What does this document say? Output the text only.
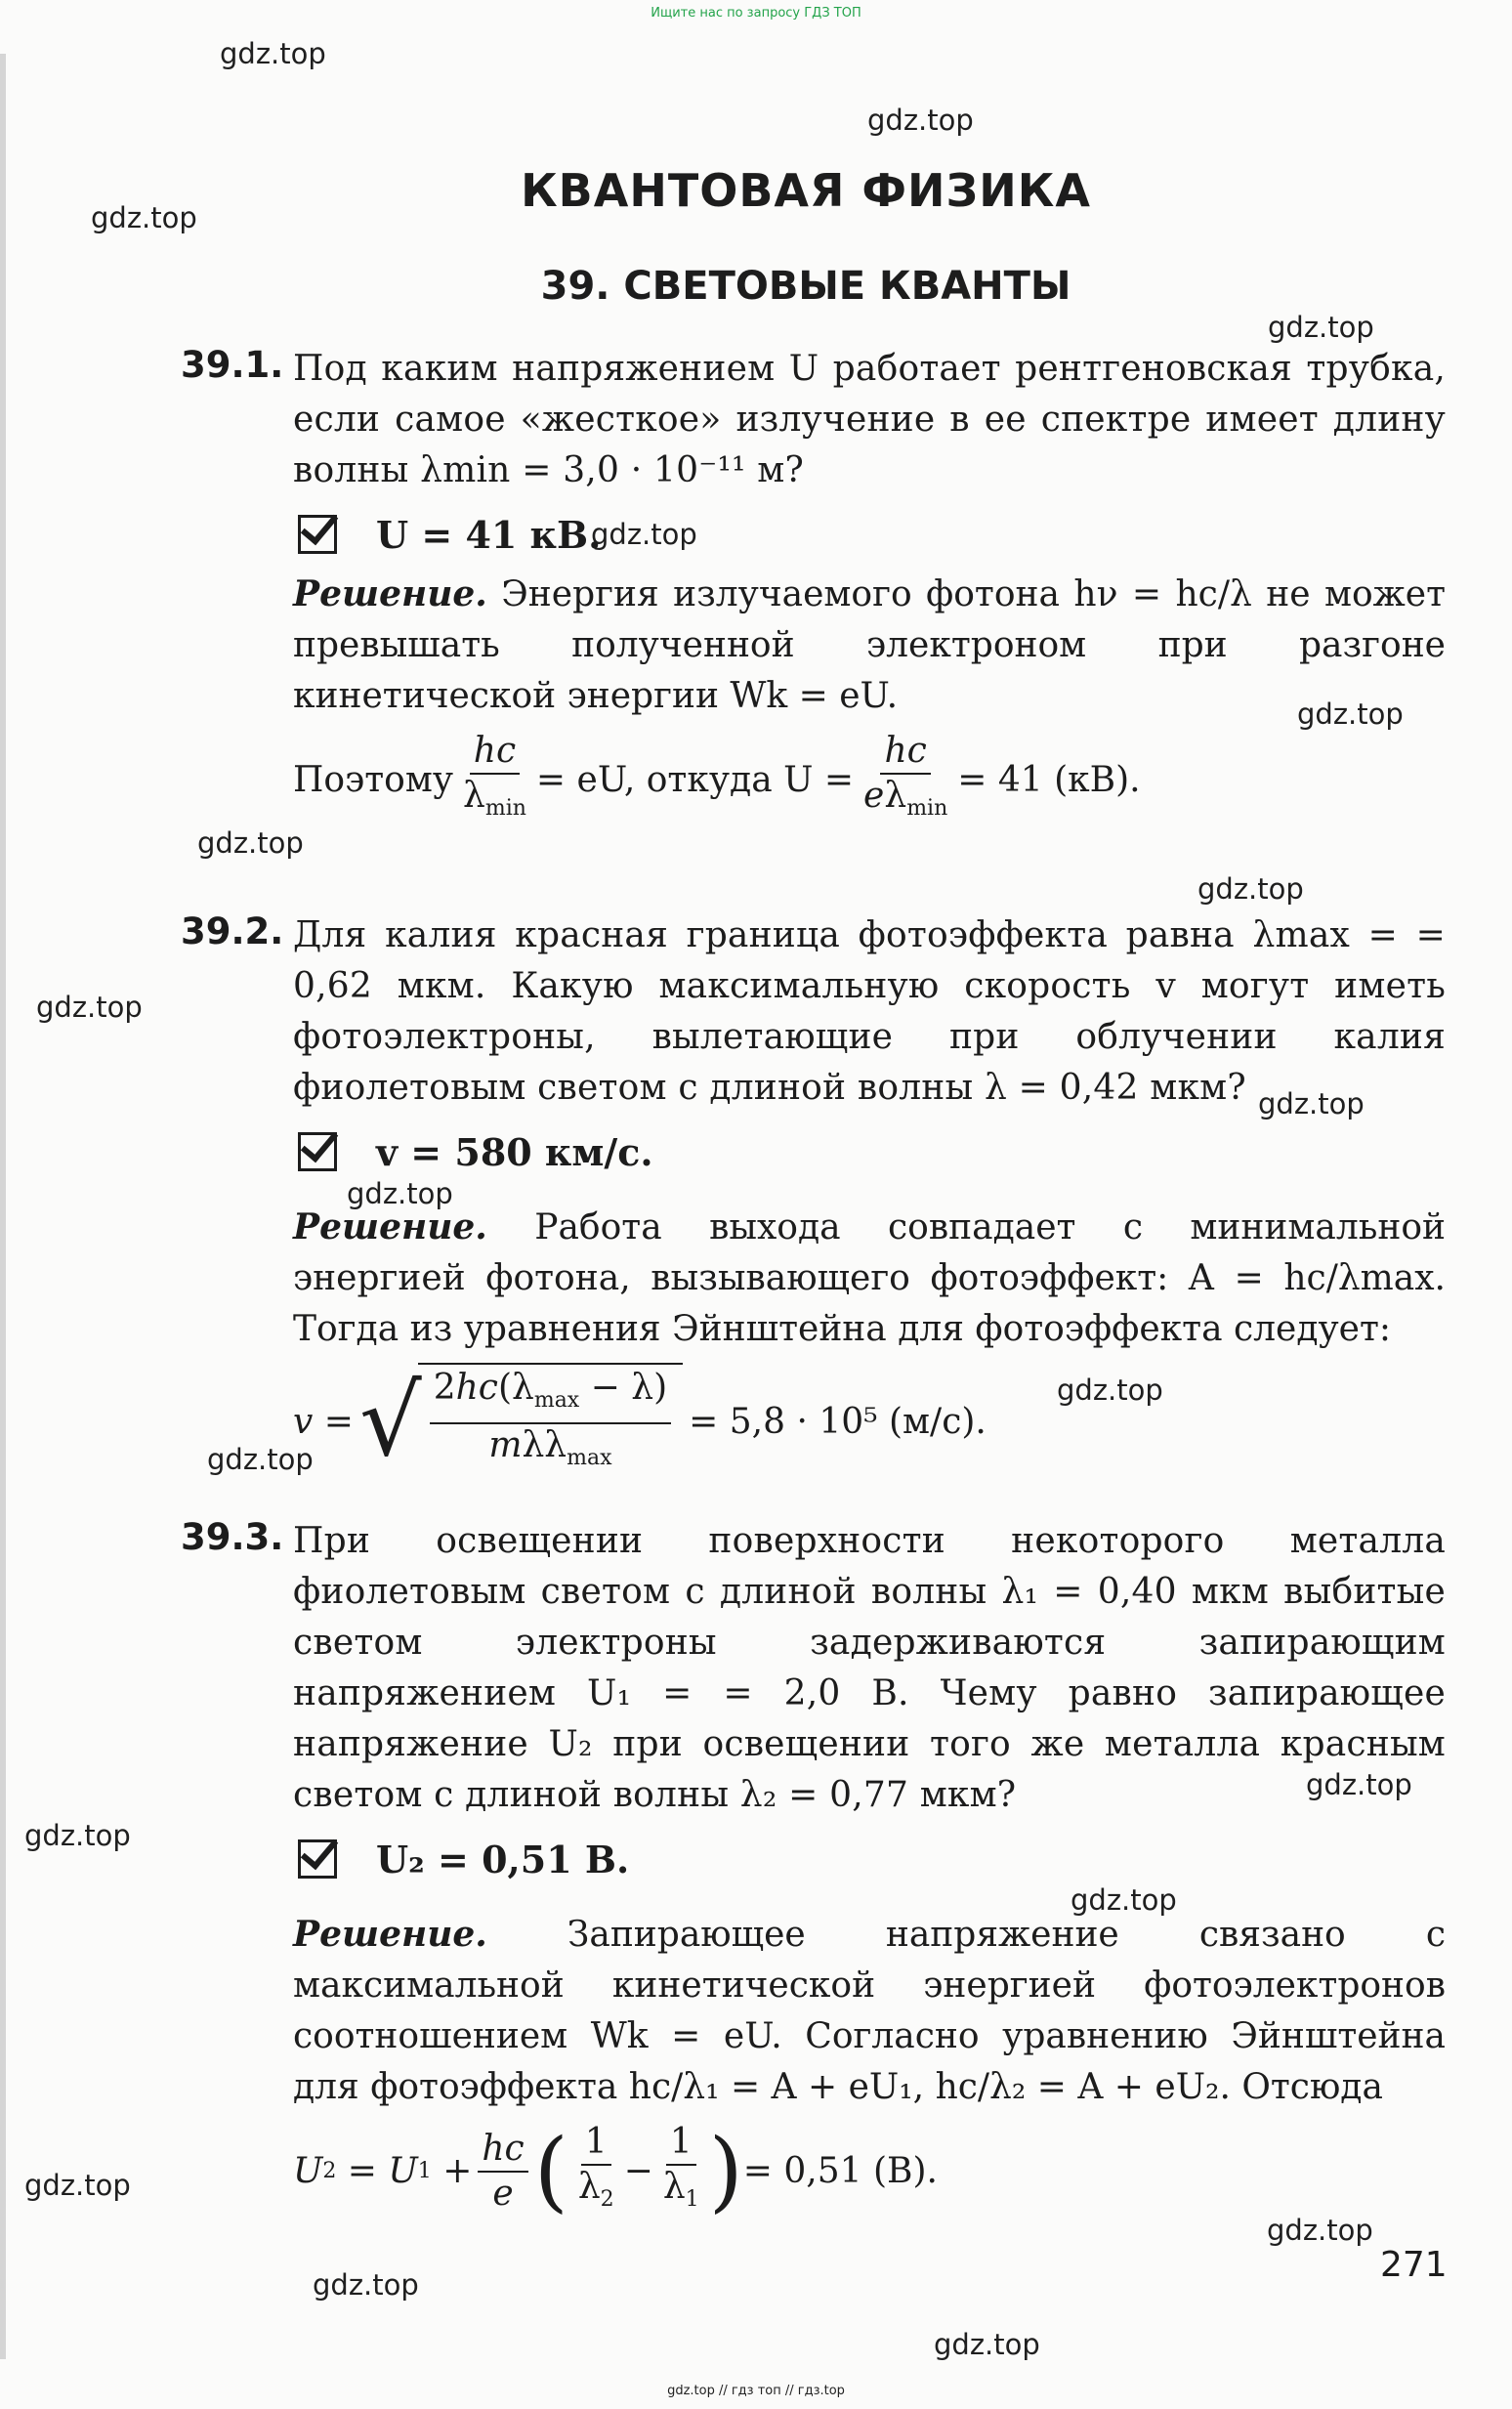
Ищите нас по запросу ГДЗ ТОП
gdz.top
gdz.top
gdz.top
gdz.top
gdz.top
gdz.top
gdz.top
gdz.top
gdz.top
gdz.top
gdz.top
gdz.top
gdz.top
gdz.top
gdz.top
gdz.top
gdz.top
gdz.top
gdz.top
gdz.top
КВАНТОВАЯ ФИЗИКА
39. СВЕТОВЫЕ КВАНТЫ
39.1. Под каким напряжением U работает рентгеновская трубка, если самое «жесткое» излучение в ее спектре имеет длину волны λmin = 3,0 · 10⁻¹¹ м?
U = 41 кВ.
Решение. Энергия излучаемого фотона hν = hc/λ не может превышать полученной электроном при разгоне кинетической энергии Wk = eU.
Поэтому $\frac{hc}{\lambda_{min}}$ = eU, откуда $U = \frac{hc}{e\lambda_{min}} = 41$ (кВ).
39.2. Для калия красная граница фотоэффекта равна λmax = = 0,62 мкм. Какую максимальную скорость v могут иметь фотоэлектроны, вылетающие при облучении калия фиолетовым светом с длиной волны λ = 0,42 мкм?
v = 580 км/с.
Решение. Работа выхода совпадает с минимальной энергией фотона, вызывающего фотоэффект: A = hc/λmax. Тогда из уравнения Эйнштейна для фотоэффекта следует:
v = √ $\frac{2hc(\lambda_{max} - \lambda)}{m\lambda\lambda_{max}} = 5,8 \cdot 10^5$ (м/с).
39.3. При освещении поверхности некоторого металла фиолетовым светом с длиной волны λ₁ = 0,40 мкм выбитые светом электроны задерживаются запирающим напряжением U₁ = = 2,0 В. Чему равно запирающее напряжение U₂ при освещении того же металла красным светом с длиной волны λ₂ = 0,77 мкм?
U₂ = 0,51 В.
Решение. Запирающее напряжение связано с максимальной кинетической энергией фотоэлектронов соотношением Wk = eU. Согласно уравнению Эйнштейна для фотоэффекта hc/λ₁ = A + eU₁, hc/λ₂ = A + eU₂. Отсюда
U 2 = U $1 + \frac{hc}{e}$ ( $\frac{1}{\lambda_2} - \frac{1}{\lambda_1}$ ) = 0,51 (В).
271
gdz.top // гдз топ // гдз.top
